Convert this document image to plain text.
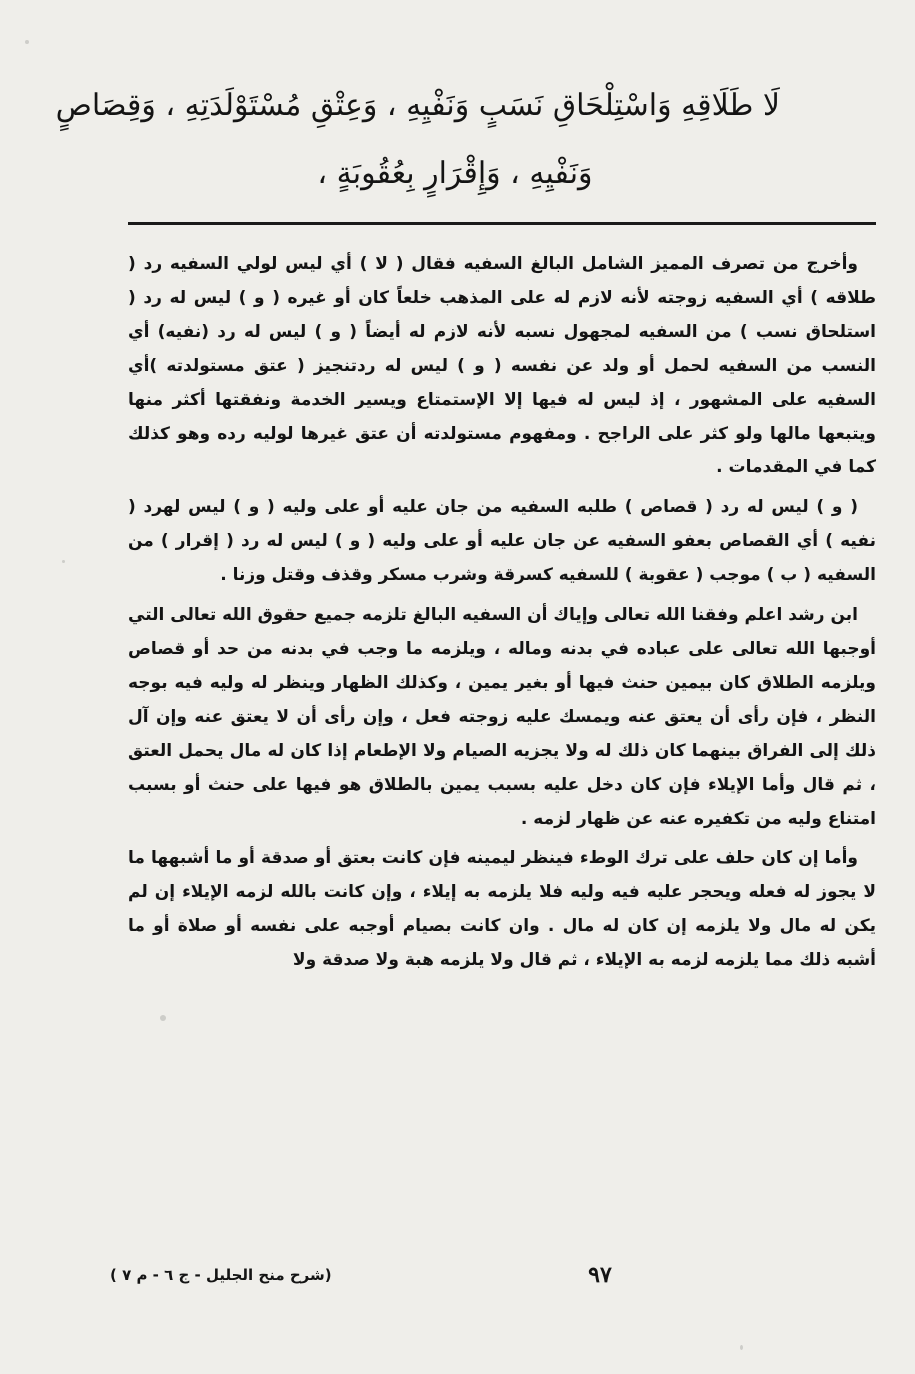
لَا طَلَاقِهِ وَاسْتِلْحَاقِ نَسَبٍ وَنَفْيِهِ ، وَعِتْقِ مُسْتَوْلَدَتِهِ ، وَقِصَاصٍ
وَنَفْيِهِ ، وَإِقْرَارٍ بِعُقُوبَةٍ ،

وأخرج من تصرف المميز الشامل البالغ السفيه فقال ( لا ) أي ليس لولي السفيه رد ( طلاقه ) أي السفيه زوجته لأنه لازم له على المذهب خلعاً كان أو غيره ( و ) ليس له رد ( استلحاق نسب ) من السفيه لمجهول نسبه لأنه لازم له أيضاً ( و ) ليس له رد (نفيه) أي النسب من السفيه لحمل أو ولد عن نفسه ( و ) ليس له ردتنجيز ( عتق مستولدته )أي السفيه على المشهور ، إذ ليس له فيها إلا الإستمتاع ويسير الخدمة ونفقتها أكثر منها ويتبعها مالها ولو كثر على الراجح . ومفهوم مستولدته أن عتق غيرها لوليه رده وهو كذلك كما في المقدمات .

( و ) ليس له رد ( قصاص ) طلبه السفيه من جان عليه أو على وليه ( و ) ليس لهرد ( نفيه ) أي القصاص بعفو السفيه عن جان عليه أو على وليه ( و ) ليس له رد ( إقرار ) من السفيه ( ب ) موجب ( عقوبة ) للسفيه كسرقة وشرب مسكر وقذف وقتل وزنا .

ابن رشد اعلم وفقنا الله تعالى وإياك أن السفيه البالغ تلزمه جميع حقوق الله تعالى التي أوجبها الله تعالى على عباده في بدنه وماله ، ويلزمه ما وجب في بدنه من حد أو قصاص ويلزمه الطلاق كان بيمين حنث فيها أو بغير يمين ، وكذلك الظهار وينظر له وليه فيه بوجه النظر ، فإن رأى أن يعتق عنه ويمسك عليه زوجته فعل ، وإن رأى أن لا يعتق عنه وإن آل ذلك إلى الفراق بينهما كان ذلك له ولا يجزيه الصيام ولا الإطعام إذا كان له مال يحمل العتق ، ثم قال وأما الإيلاء فإن كان دخل عليه بسبب يمين بالطلاق هو فيها على حنث أو بسبب امتناع وليه من تكفيره عنه عن ظهار لزمه .

وأما إن كان حلف على ترك الوطء فينظر ليمينه فإن كانت بعتق أو صدقة أو ما أشبهها ما لا يجوز له فعله ويحجر عليه فيه وليه فلا يلزمه به إيلاء ، وإن كانت بالله لزمه الإيلاء إن لم يكن له مال ولا يلزمه إن كان له مال . وان كانت بصيام أوجبه على نفسه أو صلاة أو ما أشبه ذلك مما يلزمه لزمه به الإيلاء ، ثم قال ولا يلزمه هبة ولا صدقة ولا

(شرح منح الجليل - ج ٦ - م ٧ )	٩٧
